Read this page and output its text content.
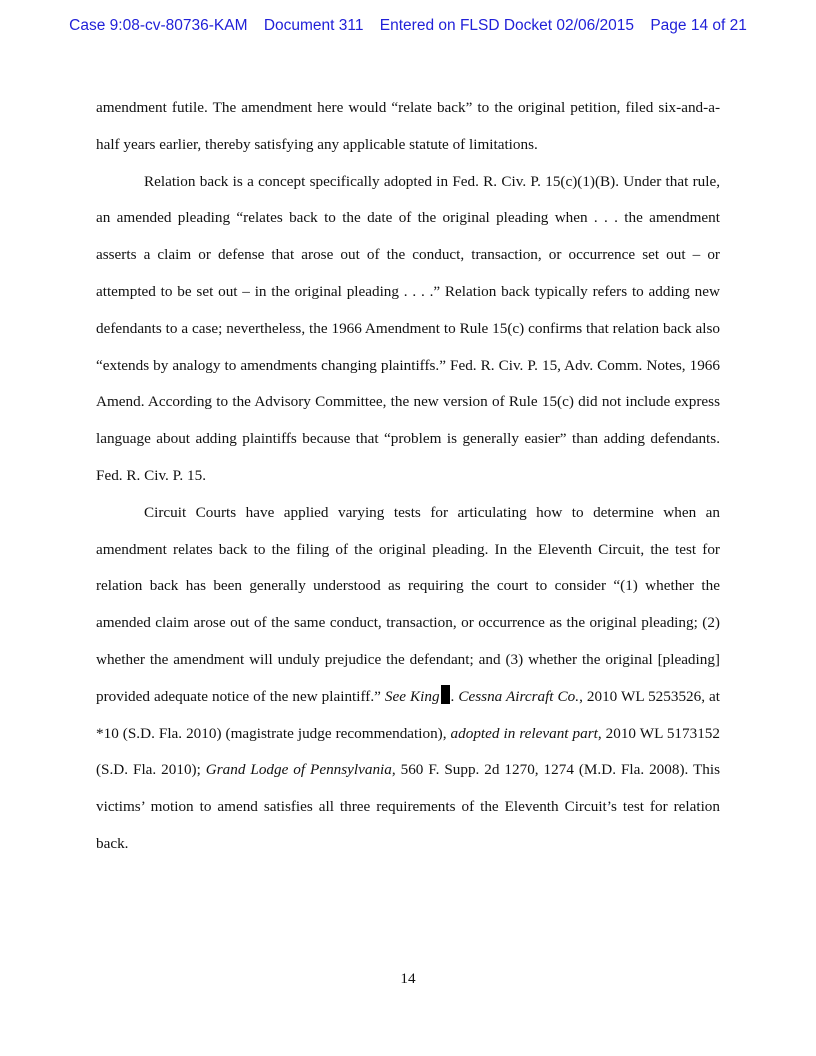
Case 9:08-cv-80736-KAM Document 311 Entered on FLSD Docket 02/06/2015 Page 14 of 21

amendment futile. The amendment here would “relate back” to the original petition, filed six-and-a-half years earlier, thereby satisfying any applicable statute of limitations.

Relation back is a concept specifically adopted in Fed. R. Civ. P. 15(c)(1)(B). Under that rule, an amended pleading “relates back to the date of the original pleading when . . . the amendment asserts a claim or defense that arose out of the conduct, transaction, or occurrence set out – or attempted to be set out – in the original pleading . . . .” Relation back typically refers to adding new defendants to a case; nevertheless, the 1966 Amendment to Rule 15(c) confirms that relation back also “extends by analogy to amendments changing plaintiffs.” Fed. R. Civ. P. 15, Adv. Comm. Notes, 1966 Amend. According to the Advisory Committee, the new version of Rule 15(c) did not include express language about adding plaintiffs because that “problem is generally easier” than adding defendants. Fed. R. Civ. P. 15.

Circuit Courts have applied varying tests for articulating how to determine when an amendment relates back to the filing of the original pleading. In the Eleventh Circuit, the test for relation back has been generally understood as requiring the court to consider “(1) whether the amended claim arose out of the same conduct, transaction, or occurrence as the original pleading; (2) whether the amendment will unduly prejudice the defendant; and (3) whether the original [pleading] provided adequate notice of the new plaintiff.” See King . Cessna Aircraft Co., 2010 WL 5253526, at *10 (S.D. Fla. 2010) (magistrate judge recommendation), adopted in relevant part, 2010 WL 5173152 (S.D. Fla. 2010); Grand Lodge of Pennsylvania, 560 F. Supp. 2d 1270, 1274 (M.D. Fla. 2008). This victims’ motion to amend satisfies all three requirements of the Eleventh Circuit’s test for relation back.

14
